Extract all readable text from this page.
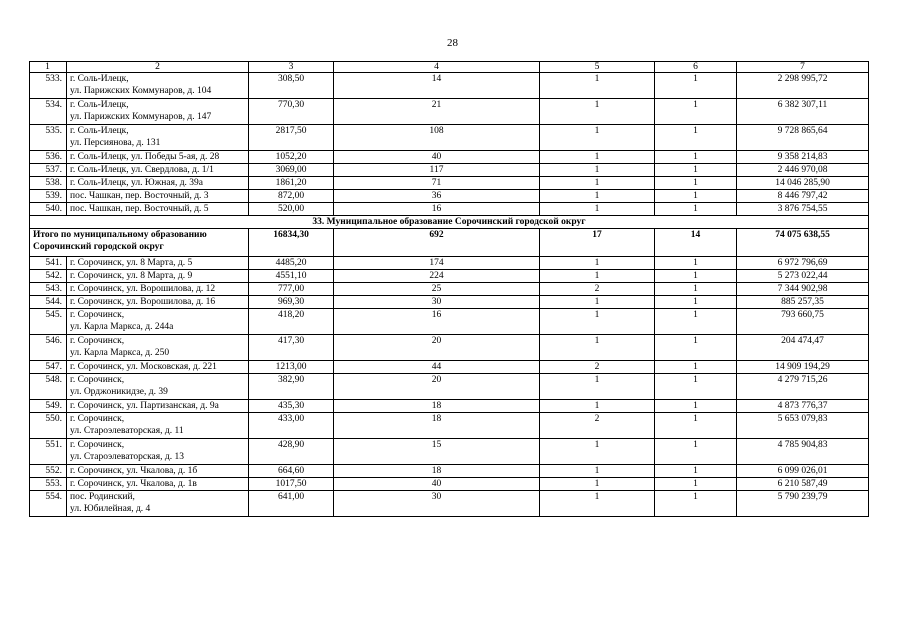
28
1	2	3	4	5	6	7
533.	г. Соль-Илецк,
ул. Парижских Коммунаров, д. 104	308,50	14	1	1	2 298 995,72
534.	г. Соль-Илецк,
ул. Парижских Коммунаров, д. 147	770,30	21	1	1	6 382 307,11
535.	г. Соль-Илецк,
ул. Персиянова, д. 131	2817,50	108	1	1	9 728 865,64
536.	г. Соль-Илецк, ул. Победы 5-ая, д. 28	1052,20	40	1	1	9 358 214,83
537.	г. Соль-Илецк, ул. Свердлова, д. 1/1	3069,00	117	1	1	2 446 970,08
538.	г. Соль-Илецк, ул. Южная, д. 39а	1861,20	71	1	1	14 046 285,90
539.	пос. Чашкан, пер. Восточный, д. 3	872,00	36	1	1	8 446 797,42
540.	пос. Чашкан, пер. Восточный, д. 5	520,00	16	1	1	3 876 754,55
33. Муниципальное образование Сорочинский городской округ						
Итого по муниципальному образованию Сорочинский городской округ		16834,30	692	17	14	74 075 638,55
541.	г. Сорочинск, ул. 8 Марта, д. 5	4485,20	174	1	1	6 972 796,69
542.	г. Сорочинск, ул. 8 Марта, д. 9	4551,10	224	1	1	5 273 022,44
543.	г. Сорочинск, ул. Ворошилова, д. 12	777,00	25	2	1	7 344 902,98
544.	г. Сорочинск, ул. Ворошилова, д. 16	969,30	30	1	1	885 257,35
545.	г. Сорочинск,
ул. Карла Маркса, д. 244а	418,20	16	1	1	793 660,75
546.	г. Сорочинск,
ул. Карла Маркса, д. 250	417,30	20	1	1	204 474,47
547.	г. Сорочинск, ул. Московская, д. 221	1213,00	44	2	1	14 909 194,29
548.	г. Сорочинск,
ул. Орджоникидзе, д. 39	382,90	20	1	1	4 279 715,26
549.	г. Сорочинск, ул. Партизанская, д. 9а	435,30	18	1	1	4 873 776,37
550.	г. Сорочинск,
ул. Староэлеваторская, д. 11	433,00	18	2	1	5 653 079,83
551.	г. Сорочинск,
ул. Староэлеваторская, д. 13	428,90	15	1	1	4 785 904,83
552.	г. Сорочинск, ул. Чкалова, д. 1б	664,60	18	1	1	6 099 026,01
553.	г. Сорочинск, ул. Чкалова, д. 1в	1017,50	40	1	1	6 210 587,49
554.	пос. Родинский,
ул. Юбилейная, д. 4	641,00	30	1	1	5 790 239,79
